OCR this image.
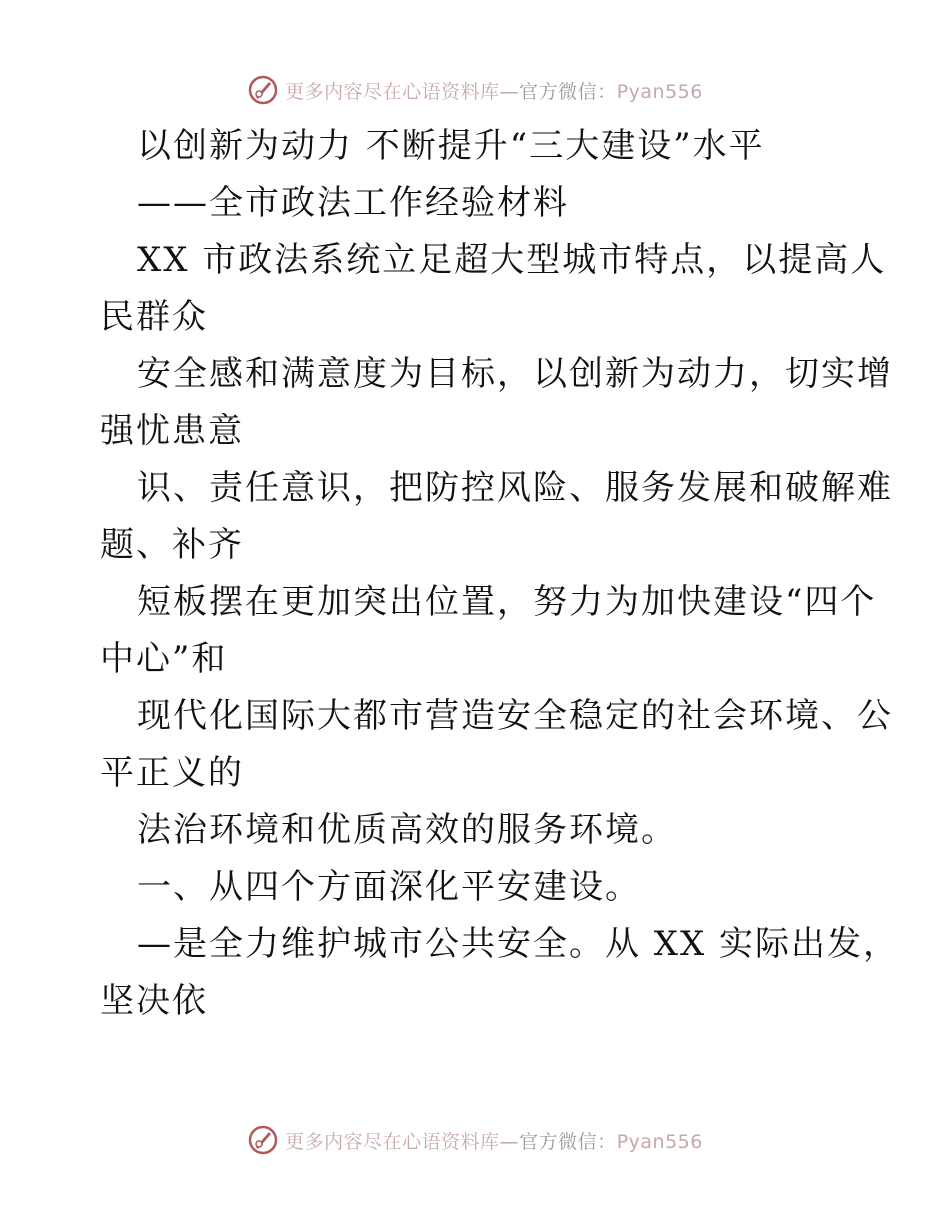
更多内容尽在心语资料库—官方微信：Pyan556
以创新为动力 不断提升“三大建设”水平
——全市政法工作经验材料
XX 市政法系统立足超大型城市特点，以提高人
民群众
安全感和满意度为目标，以创新为动力，切实增
强忧患意
识、责任意识，把防控风险、服务发展和破解难
题、补齐
短板摆在更加突出位置，努力为加快建设“四个
中心”和
现代化国际大都市营造安全稳定的社会环境、公
平正义的
法治环境和优质高效的服务环境。
一、从四个方面深化平安建设。
—是全力维护城市公共安全。从 XX 实际出发，
坚决依
更多内容尽在心语资料库—官方微信：Pyan556
